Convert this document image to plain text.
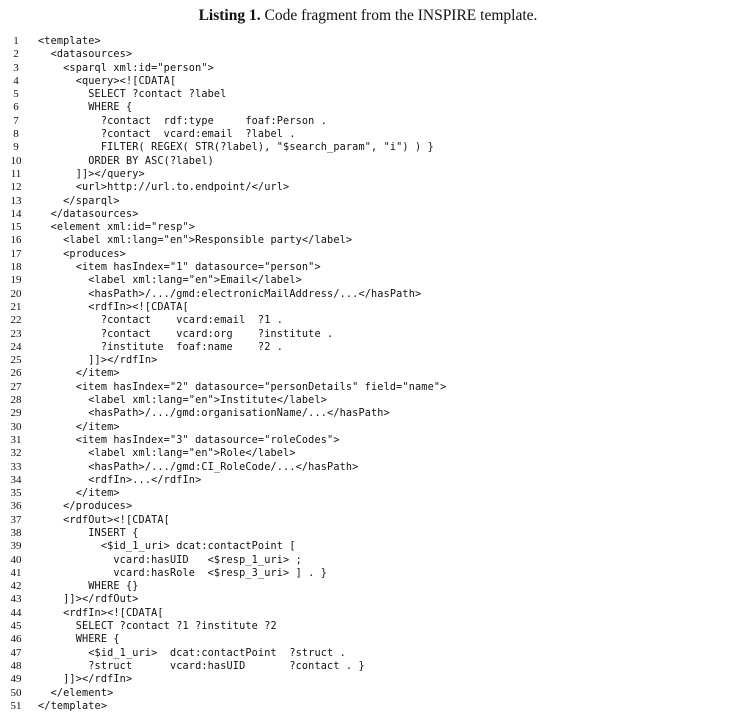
Listing 1. Code fragment from the INSPIRE template.
1	<template>
2	<datasources>
3	<sparql xml:id="person">
4	<query><![CDATA[
5	SELECT ?contact ?label
6	WHERE {
7	?contact  rdf:type     foaf:Person .
8	?contact  vcard:email  ?label .
9	FILTER( REGEX( STR(?label), "$search_param", "i") ) }
10 ORDER BY ASC(?label)
11 ]]></query>
12 <url>http://url.to.endpoint/</url>
13 </sparql>
14 </datasources>
15 <element xml:id="resp">
16 <label xml:lang="en">Responsible party</label>
17 <produces>
18 <item hasIndex="1" datasource="person">
19 <label xml:lang="en">Email</label>
20 <hasPath>/.../gmd:electronicMailAddress/...</hasPath>
21 <rdfIn><![CDATA[
22 ?contact    vcard:email  ?1 .
23 ?contact    vcard:org    ?institute .
24 ?institute  foaf:name    ?2 .
25 ]]></rdfIn>
26 </item>
27 <item hasIndex="2" datasource="personDetails" field="name">
28 <label xml:lang="en">Institute</label>
29 <hasPath>/.../gmd:organisationName/...</hasPath>
30 </item>
31 <item hasIndex="3" datasource="roleCodes">
32 <label xml:lang="en">Role</label>
33 <hasPath>/.../gmd:CI_RoleCode/...</hasPath>
34 <rdfIn>...</rdfIn>
35 </item>
36 </produces>
37 <rdfOut><![CDATA[
38 INSERT {
39 <$id_1_uri> dcat:contactPoint [
40 vcard:hasUID   <$resp_1_uri> ;
41 vcard:hasRole  <$resp_3_uri> ] . }
42 WHERE {}
43 ]]></rdfOut>
44 <rdfIn><![CDATA[
45 SELECT ?contact ?1 ?institute ?2
46 WHERE {
47 <$id_1_uri>  dcat:contactPoint  ?struct .
48 ?struct      vcard:hasUID       ?contact . }
49 ]]></rdfIn>
50 </element>
51 </template>
